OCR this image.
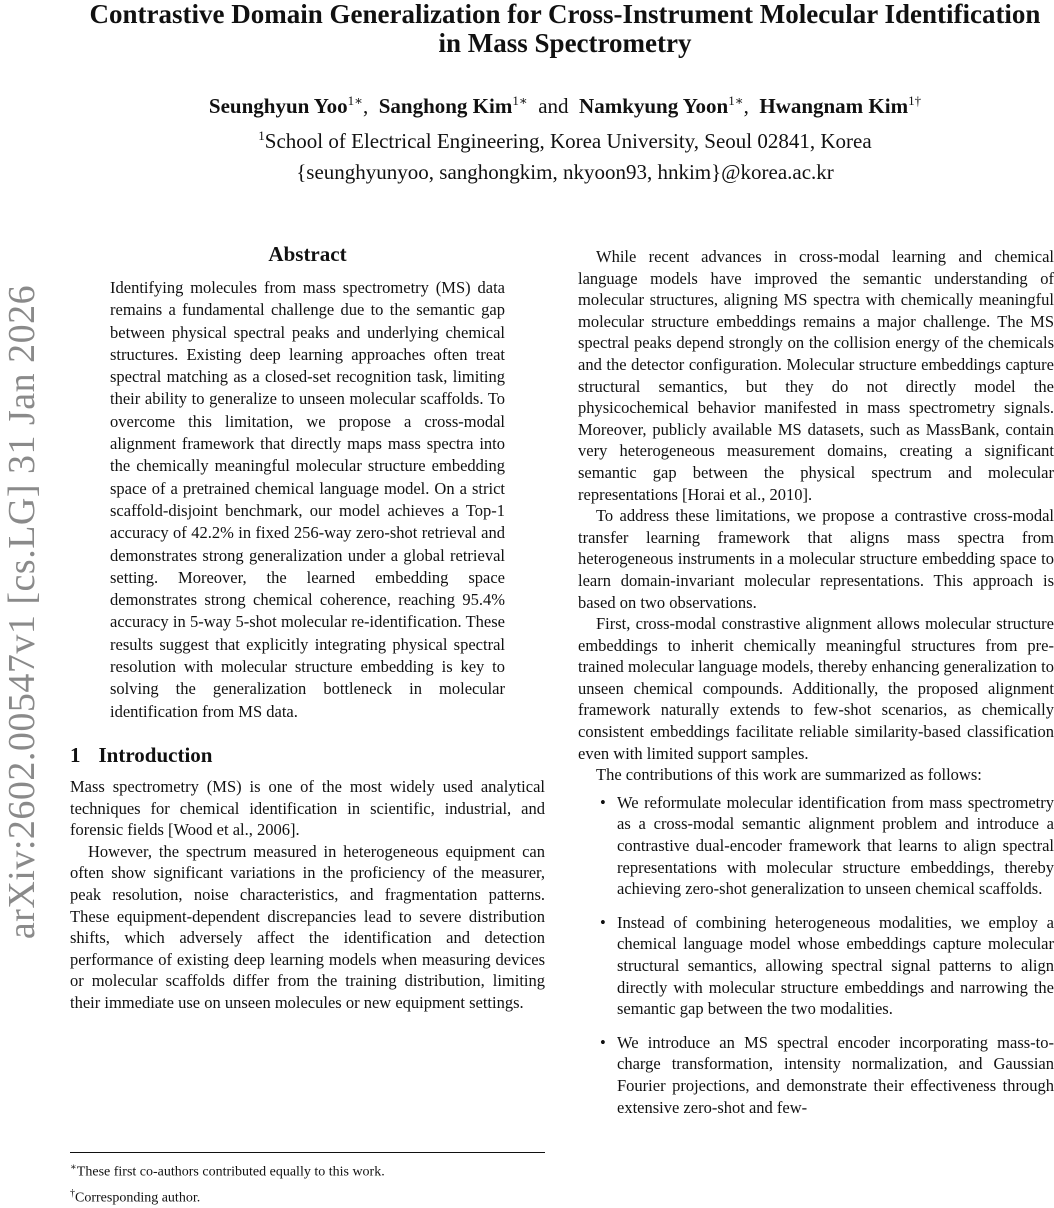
arXiv:2602.00547v1 [cs.LG] 31 Jan 2026
Contrastive Domain Generalization for Cross-Instrument Molecular Identification
in Mass Spectrometry
Seunghyun Yoo$^{1∗}$, Sanghong Kim$^{1∗}$ and Namkyung Yoon$^{1∗}$, Hwangnam Kim$^{1\dagger}$
$^1$School of Electrical Engineering, Korea University, Seoul 02841, Korea
{seunghyunyoo, sanghongkim, nkyoon93, hnkim}@korea.ac.kr
Abstract
Identifying molecules from mass spectrometry (MS) data remains a fundamental challenge due to the semantic gap between physical spectral peaks and underlying chemical structures. Existing deep learning approaches often treat spectral matching as a closed-set recognition task, limiting their ability to generalize to unseen molecular scaffolds. To overcome this limitation, we propose a cross-modal alignment framework that directly maps mass spectra into the chemically meaningful molecular structure embedding space of a pretrained chemical language model. On a strict scaffold-disjoint benchmark, our model achieves a Top-1 accuracy of 42.2% in fixed 256-way zero-shot retrieval and demonstrates strong generalization under a global retrieval setting. Moreover, the learned embedding space demonstrates strong chemical coherence, reaching 95.4% accuracy in 5-way 5-shot molecular re-identification. These results suggest that explicitly integrating physical spectral resolution with molecular structure embedding is key to solving the generalization bottleneck in molecular identification from MS data.
1 Introduction

Mass spectrometry (MS) is one of the most widely used analytical techniques for chemical identification in scientific, industrial, and forensic fields [Wood et al., 2006].

However, the spectrum measured in heterogeneous equipment can often show significant variations in the proficiency of the measurer, peak resolution, noise characteristics, and fragmentation patterns. These equipment-dependent discrepancies lead to severe distribution shifts, which adversely affect the identification and detection performance of existing deep learning models when measuring devices or molecular scaffolds differ from the training distribution, limiting their immediate use on unseen molecules or new equipment settings.

∗These first co-authors contributed equally to this work.
†Corresponding author.

While recent advances in cross-modal learning and chemical language models have improved the semantic understanding of molecular structures, aligning MS spectra with chemically meaningful molecular structure embeddings remains a major challenge. The MS spectral peaks depend strongly on the collision energy of the chemicals and the detector configuration. Molecular structure embeddings capture structural semantics, but they do not directly model the physicochemical behavior manifested in mass spectrometry signals. Moreover, publicly available MS datasets, such as MassBank, contain very heterogeneous measurement domains, creating a significant semantic gap between the physical spectrum and molecular representations [Horai et al., 2010].

To address these limitations, we propose a contrastive cross-modal transfer learning framework that aligns mass spectra from heterogeneous instruments in a molecular structure embedding space to learn domain-invariant molecular representations. This approach is based on two observations.

First, cross-modal constrastive alignment allows molecular structure embeddings to inherit chemically meaningful structures from pre-trained molecular language models, thereby enhancing generalization to unseen chemical compounds. Additionally, the proposed alignment framework naturally extends to few-shot scenarios, as chemically consistent embeddings facilitate reliable similarity-based classification even with limited support samples.

The contributions of this work are summarized as follows:

• We reformulate molecular identification from mass spectrometry as a cross-modal semantic alignment problem and introduce a contrastive dual-encoder framework that learns to align spectral representations with molecular structure embeddings, thereby achieving zero-shot generalization to unseen chemical scaffolds.
• Instead of combining heterogeneous modalities, we employ a chemical language model whose embeddings capture molecular structural semantics, allowing spectral signal patterns to align directly with molecular structure embeddings and narrowing the semantic gap between the two modalities.
• We introduce an MS spectral encoder incorporating mass-to-charge transformation, intensity normalization, and Gaussian Fourier projections, and demonstrate their effectiveness through extensive zero-shot and few-
